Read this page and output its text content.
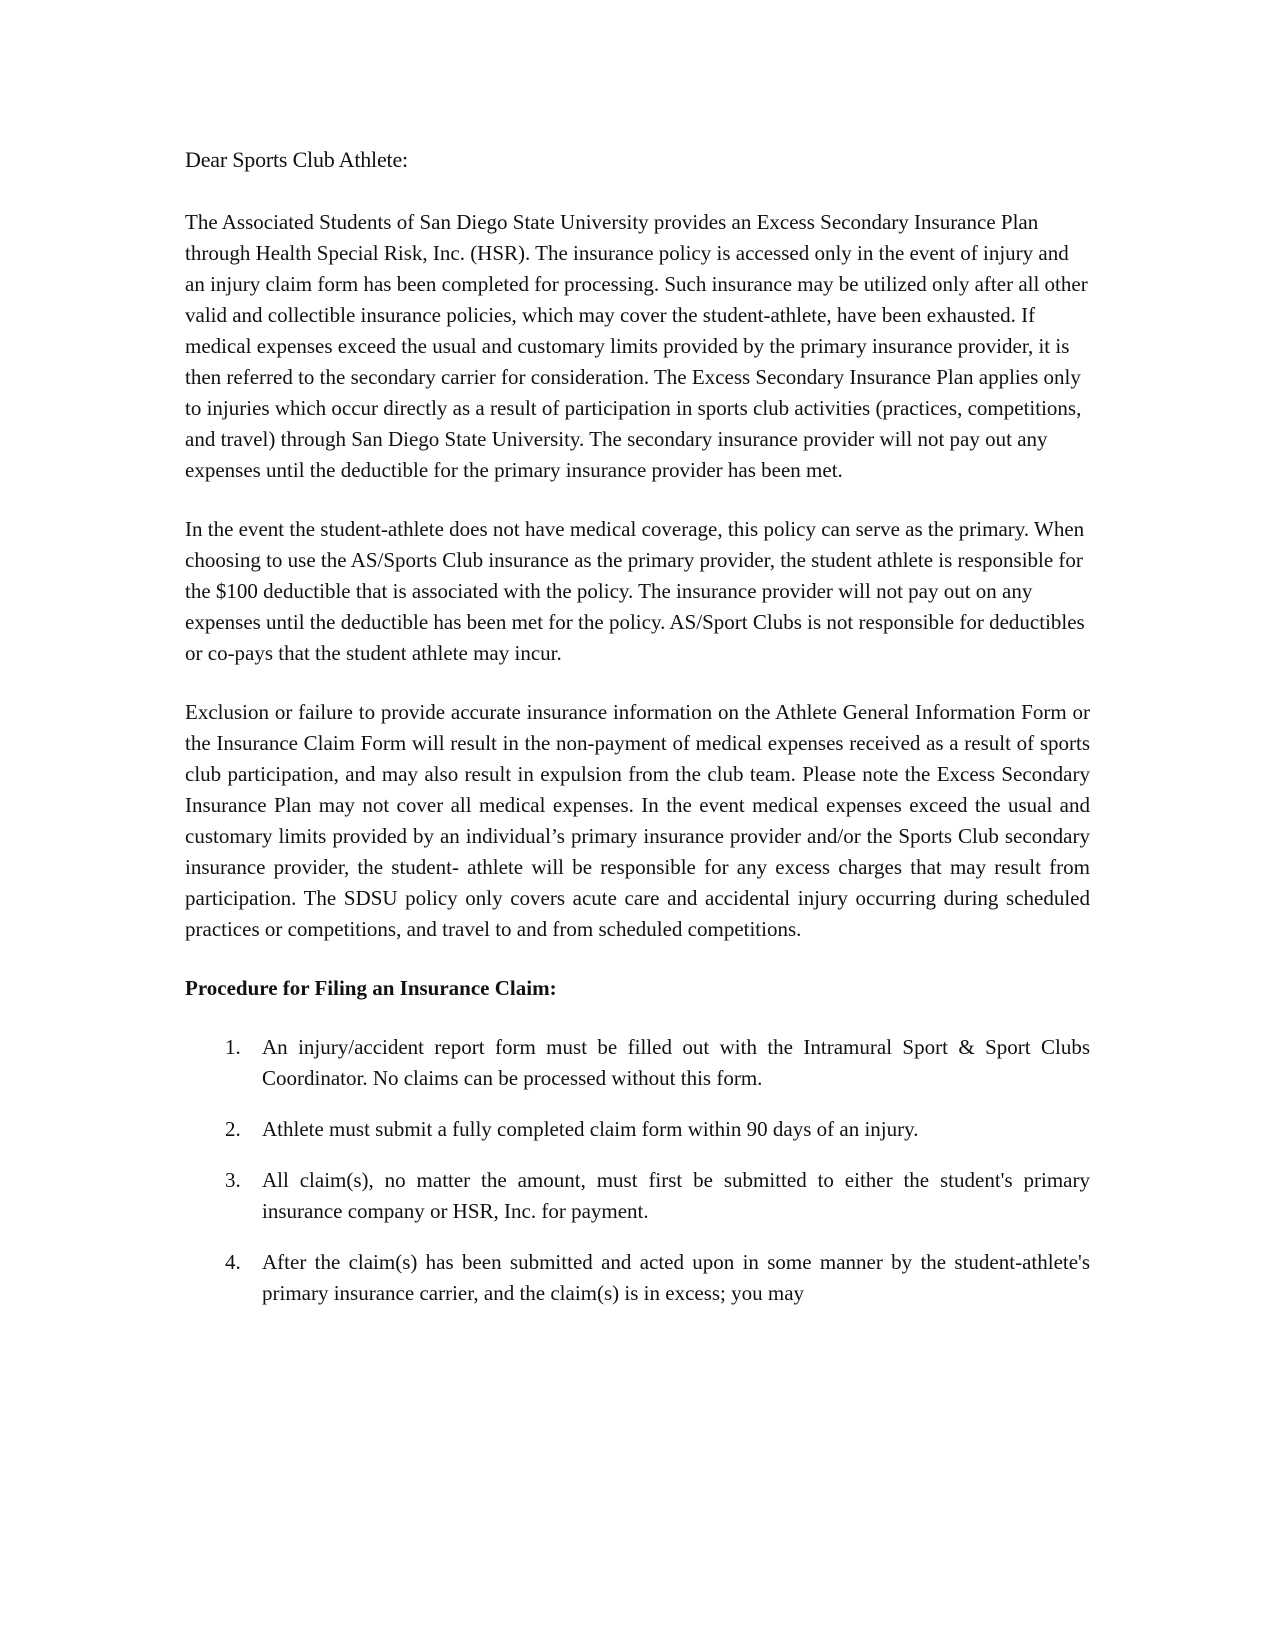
Dear Sports Club Athlete:

The Associated Students of San Diego State University provides an Excess Secondary Insurance Plan through Health Special Risk, Inc. (HSR). The insurance policy is accessed only in the event of injury and an injury claim form has been completed for processing. Such insurance may be utilized only after all other valid and collectible insurance policies, which may cover the student-athlete, have been exhausted. If medical expenses exceed the usual and customary limits provided by the primary insurance provider, it is then referred to the secondary carrier for consideration. The Excess Secondary Insurance Plan applies only to injuries which occur directly as a result of participation in sports club activities (practices, competitions, and travel) through San Diego State University. The secondary insurance provider will not pay out any expenses until the deductible for the primary insurance provider has been met.

In the event the student-athlete does not have medical coverage, this policy can serve as the primary. When choosing to use the AS/Sports Club insurance as the primary provider, the student athlete is responsible for the $100 deductible that is associated with the policy. The insurance provider will not pay out on any expenses until the deductible has been met for the policy. AS/Sport Clubs is not responsible for deductibles or co-pays that the student athlete may incur.

Exclusion or failure to provide accurate insurance information on the Athlete General Information Form or the Insurance Claim Form will result in the non-payment of medical expenses received as a result of sports club participation, and may also result in expulsion from the club team. Please note the Excess Secondary Insurance Plan may not cover all medical expenses. In the event medical expenses exceed the usual and customary limits provided by an individual’s primary insurance provider and/or the Sports Club secondary insurance provider, the student- athlete will be responsible for any excess charges that may result from participation. The SDSU policy only covers acute care and accidental injury occurring during scheduled practices or competitions, and travel to and from scheduled competitions.

Procedure for Filing an Insurance Claim:

1. An injury/accident report form must be filled out with the Intramural Sport & Sport Clubs Coordinator. No claims can be processed without this form.
2. Athlete must submit a fully completed claim form within 90 days of an injury.
3. All claim(s), no matter the amount, must first be submitted to either the student's primary insurance company or HSR, Inc. for payment.
4. After the claim(s) has been submitted and acted upon in some manner by the student-athlete's primary insurance carrier, and the claim(s) is in excess; you may
